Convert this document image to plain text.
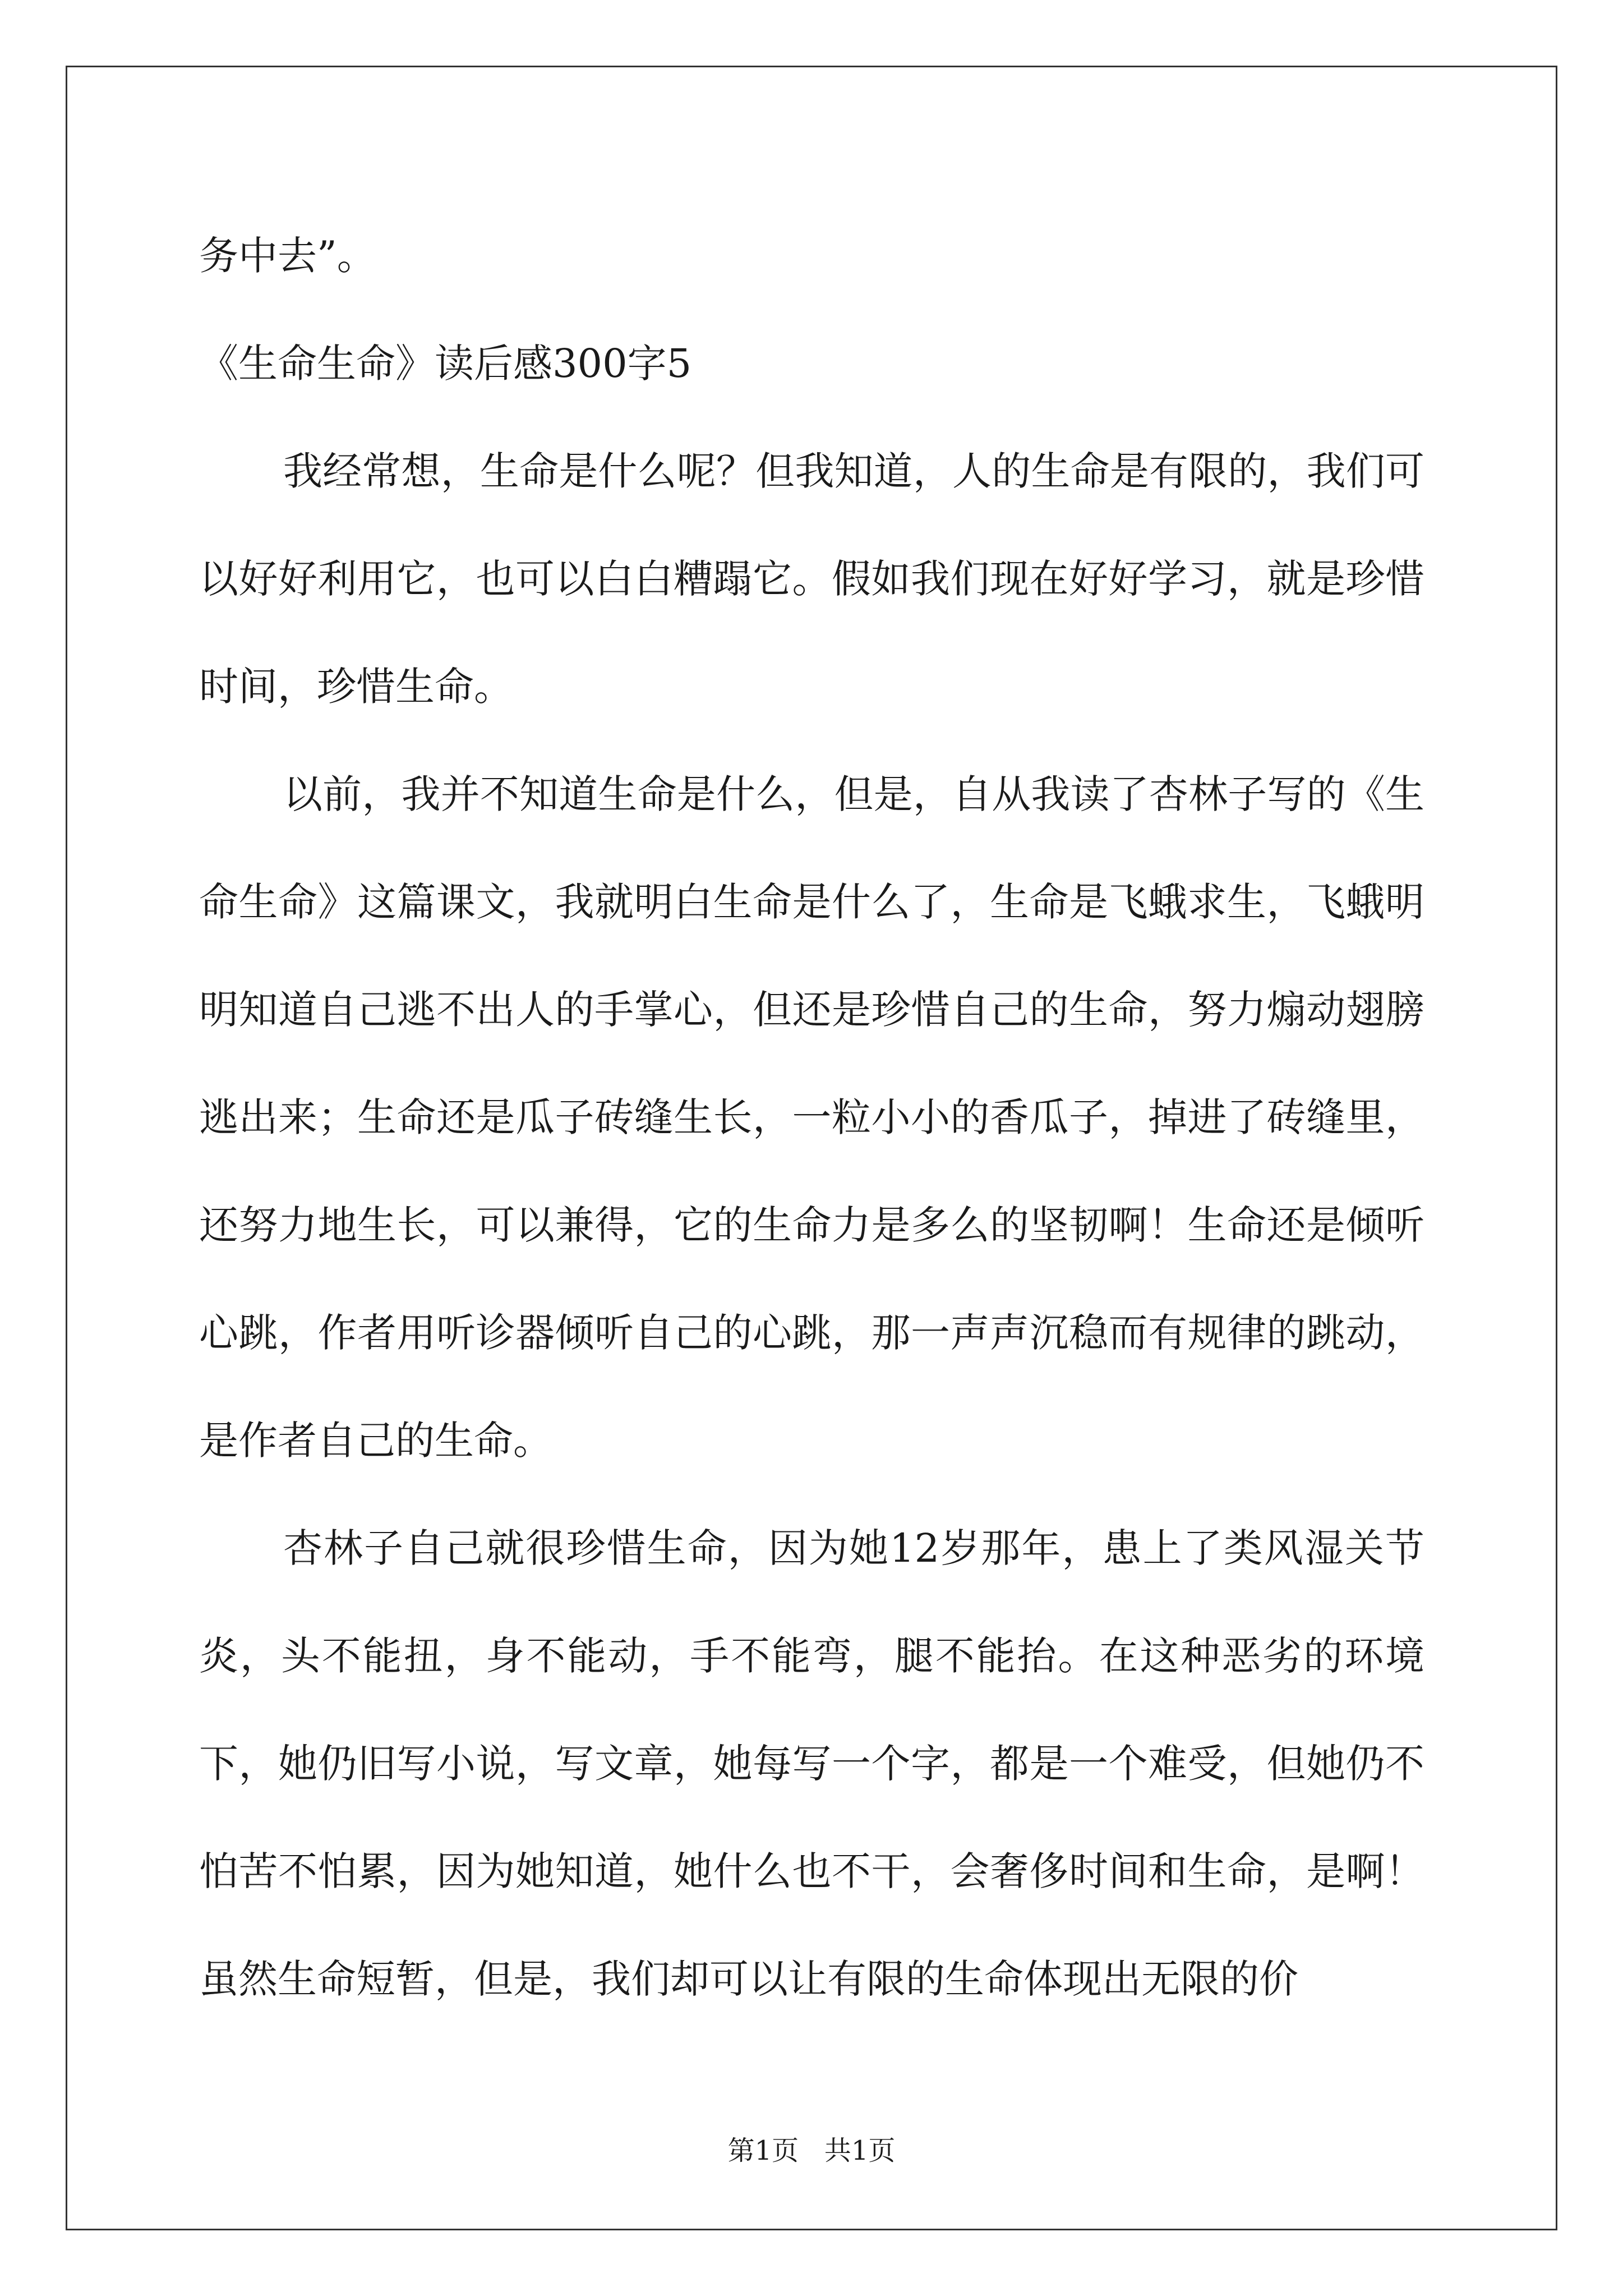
务中去”。

《生命生命》读后感300字5

我经常想，生命是什么呢？但我知道，人的生命是有限的，我们可以好好利用它，也可以白白糟蹋它。假如我们现在好好学习，就是珍惜时间，珍惜生命。

以前，我并不知道生命是什么，但是，自从我读了杏林子写的《生命生命》这篇课文，我就明白生命是什么了，生命是飞蛾求生，飞蛾明明知道自己逃不出人的手掌心，但还是珍惜自己的生命，努力煽动翅膀逃出来；生命还是瓜子砖缝生长，一粒小小的香瓜子，掉进了砖缝里，还努力地生长，可以兼得，它的生命力是多么的坚韧啊！生命还是倾听心跳，作者用听诊器倾听自己的心跳，那一声声沉稳而有规律的跳动，是作者自己的生命。

杏林子自己就很珍惜生命，因为她12岁那年，患上了类风湿关节炎，头不能扭，身不能动，手不能弯，腿不能抬。在这种恶劣的环境下，她仍旧写小说，写文章，她每写一个字，都是一个难受，但她仍不怕苦不怕累，因为她知道，她什么也不干，会奢侈时间和生命，是啊！虽然生命短暂，但是，我们却可以让有限的生命体现出无限的价

第1页   共1页
